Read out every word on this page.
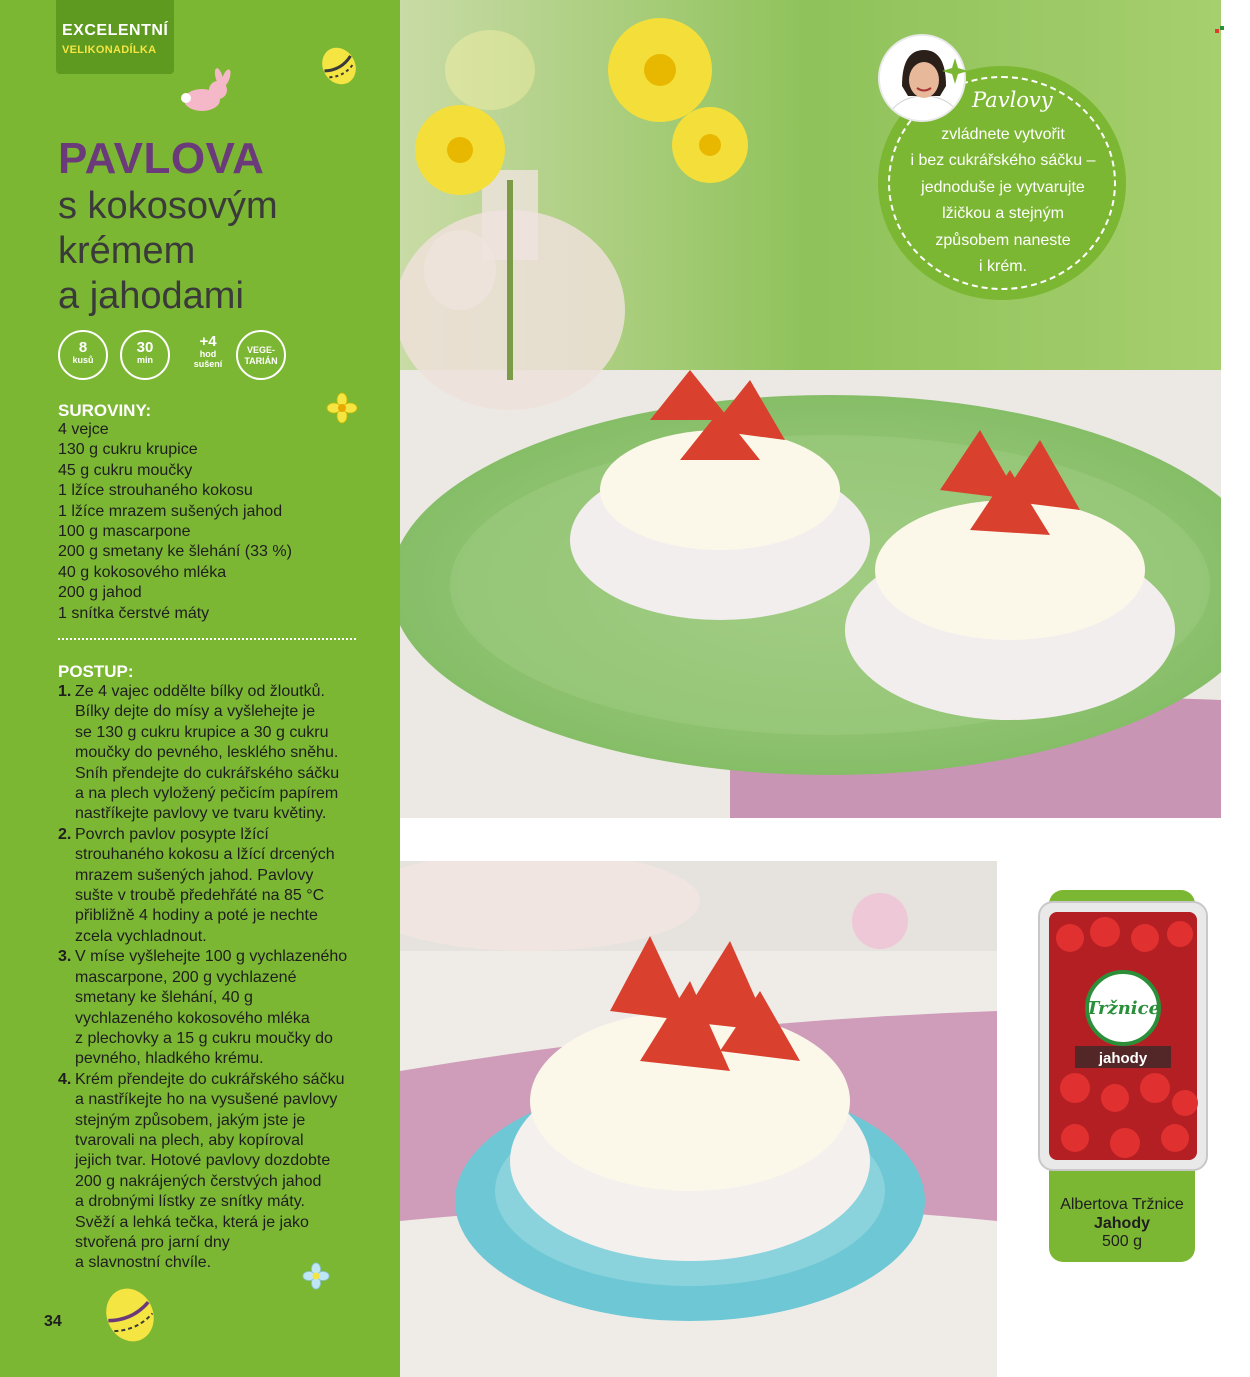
EXCELENTNÍ
VELIKONADÍLKA
PAVLOVA
s kokosovým
krémem
a jahodami
8
kusů
30
min
+4
hod
sušení
VEGE-
TARIÁN
SUROVINY:
4 vejce
130 g cukru krupice
45 g cukru moučky
1 lžíce strouhaného kokosu
1 lžíce mrazem sušených jahod
100 g mascarpone
200 g smetany ke šlehání (33 %)
40 g kokosového mléka
200 g jahod
1 snítka čerstvé máty
POSTUP:
1. Ze 4 vajec oddělte bílky od žloutků.
Bílky dejte do mísy a vyšlehejte je
se 130 g cukru krupice a 30 g cukru
moučky do pevného, lesklého sněhu.
Sníh přendejte do cukrářského sáčku
a na plech vyložený pečicím papírem
nastříkejte pavlovy ve tvaru květiny.
2. Povrch pavlov posypte lžící
strouhaného kokosu a lžící drcených
mrazem sušených jahod. Pavlovy
sušte v troubě předehřáté na 85 °C
přibližně 4 hodiny a poté je nechte
zcela vychladnout.
3. V míse vyšlehejte 100 g vychlazeného
mascarpone, 200 g vychlazené
smetany ke šlehání, 40 g
vychlazeného kokosového mléka
z plechovky a 15 g cukru moučky do
pevného, hladkého krému.
4. Krém přendejte do cukrářského sáčku
a nastříkejte ho na vysušené pavlovy
stejným způsobem, jakým jste je
tvarovali na plech, aby kopíroval
jejich tvar. Hotové pavlovy dozdobte
200 g nakrájených čerstvých jahod
a drobnými lístky ze snítky máty.
Svěží a lehká tečka, která je jako
stvořená pro jarní dny
a slavnostní chvíle.
34
Pavlovy
zvládnete vytvořit
i bez cukrářského sáčku –
jednoduše je vytvarujte
lžičkou a stejným
způsobem naneste
i krém.
Tržnice
jahody
Albertova Tržnice
Jahody
500 g
